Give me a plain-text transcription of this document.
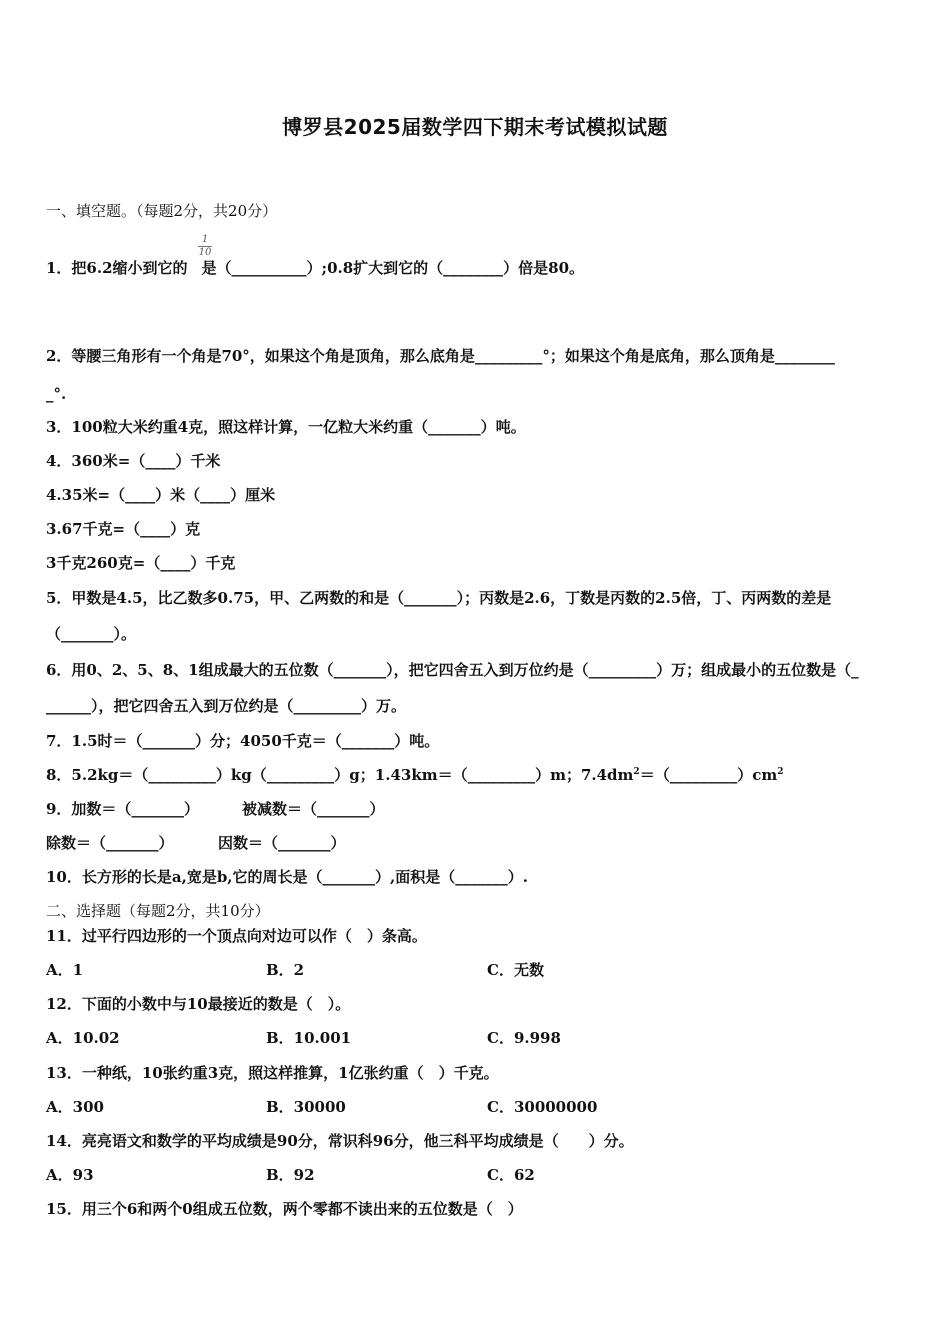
博罗县2025届数学四下期末考试模拟试题
一、填空题。（每题2分，共20分）
1．把6.2缩小到它的 是（__________）;0.8扩大到它的（________）倍是80。
1
10
2．等腰三角形有一个角是70°，如果这个角是顶角，那么底角是_________°；如果这个角是底角，那么顶角是________
_°.
3．100粒大米约重4克，照这样计算，一亿粒大米约重（_______）吨。
4．360米=（____）千米
4.35米=（____）米（____）厘米
3.67千克=（____）克
3千克260克=（____）千克
5．甲数是4.5，比乙数多0.75，甲、乙两数的和是（_______）；丙数是2.6，丁数是丙数的2.5倍，丁、丙两数的差是
（_______）。
6．用0、2、5、8、1组成最大的五位数（_______），把它四舍五入到万位约是（_________）万；组成最小的五位数是（_
______），把它四舍五入到万位约是（_________）万。
7．1.5时＝（_______）分；4050千克＝（_______）吨。
8．5.2kg＝（_________）kg（_________）g；1.43km＝（_________）m；$7.4dm^2=(\_\_\_\_\_\_\_\_\_)cm^2$
9．加数＝（_______）	被减数＝（_______）
除数＝（_______）	因数＝（_______）
10．长方形的长是a,宽是b,它的周长是（_______）,面积是（_______）.
二、选择题（每题2分，共10分）
11．过平行四边形的一个顶点向对边可以作（　）条高。
A．1	B．2	C．无数
12．下面的小数中与10最接近的数是（　）。
A．10.02	B．10.001	C．9.998
13．一种纸，10张约重3克，照这样推算，1亿张约重（　）千克。
A．300	B．30000	C．30000000
14．亮亮语文和数学的平均成绩是90分，常识科96分，他三科平均成绩是（　　）分。
A．93	B．92	C．62
15．用三个6和两个0组成五位数，两个零都不读出来的五位数是（　）
